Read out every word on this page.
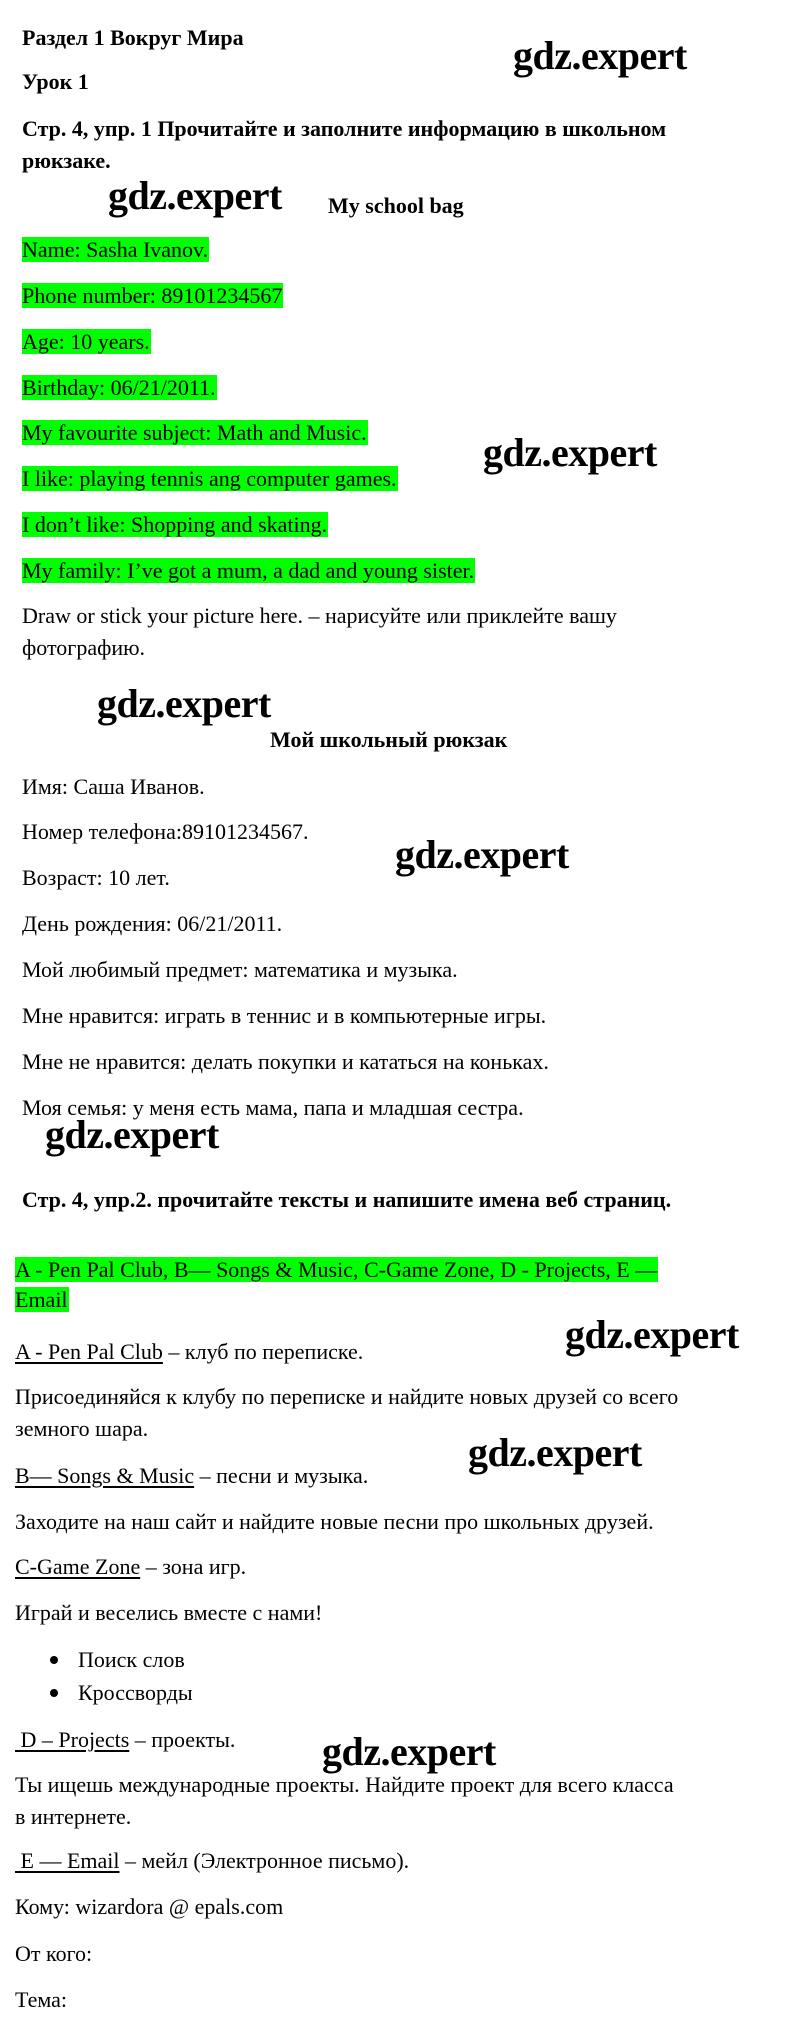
Раздел 1 Вокруг Мира
Урок 1
Стр. 4, упр. 1 Прочитайте и заполните информацию в школьном
рюкзаке.
My school bag
Name: Sasha Ivanov.
Phone number: 89101234567
Age: 10 years.
Birthday: 06/21/2011.
My favourite subject: Math and Music.
I like: playing tennis ang computer games.
I don’t like: Shopping and skating.
My family: I’ve got a mum, a dad and young sister.
Draw or stick your picture here. – нарисуйте или приклейте вашу
фотографию.
Мой школьный рюкзак
Имя: Саша Иванов.
Номер телефона:89101234567.
Возраст: 10 лет.
День рождения: 06/21/2011.
Мой любимый предмет: математика и музыка.
Мне нравится: играть в теннис и в компьютерные игры.
Мне не нравится: делать покупки и кататься на коньках.
Моя семья: у меня есть мама, папа и младшая сестра.
Стр. 4, упр.2. прочитайте тексты и напишите имена веб страниц.
A - Pen Pal Club, B— Songs & Music, C-Game Zone, D - Projects, E —
Email
A - Pen Pal Club – клуб по переписке.
Присоединяйся к клубу по переписке и найдите новых друзей со всего
земного шара.
B— Songs & Music – песни и музыка.
Заходите на наш сайт и найдите новые песни про школьных друзей.
C-Game Zone – зона игр.
Играй и веселись вместе с нами!
Поиск слов
Кроссворды
D – Projects – проекты.
Ты ищешь международные проекты. Найдите проект для всего класса
в интернете.
E — Email – мейл (Электронное письмо).
Кому: wizardora @ epals.com
От кого:
Тема:
gdz.expert
gdz.expert
gdz.expert
gdz.expert
gdz.expert
gdz.expert
gdz.expert
gdz.expert
gdz.expert
